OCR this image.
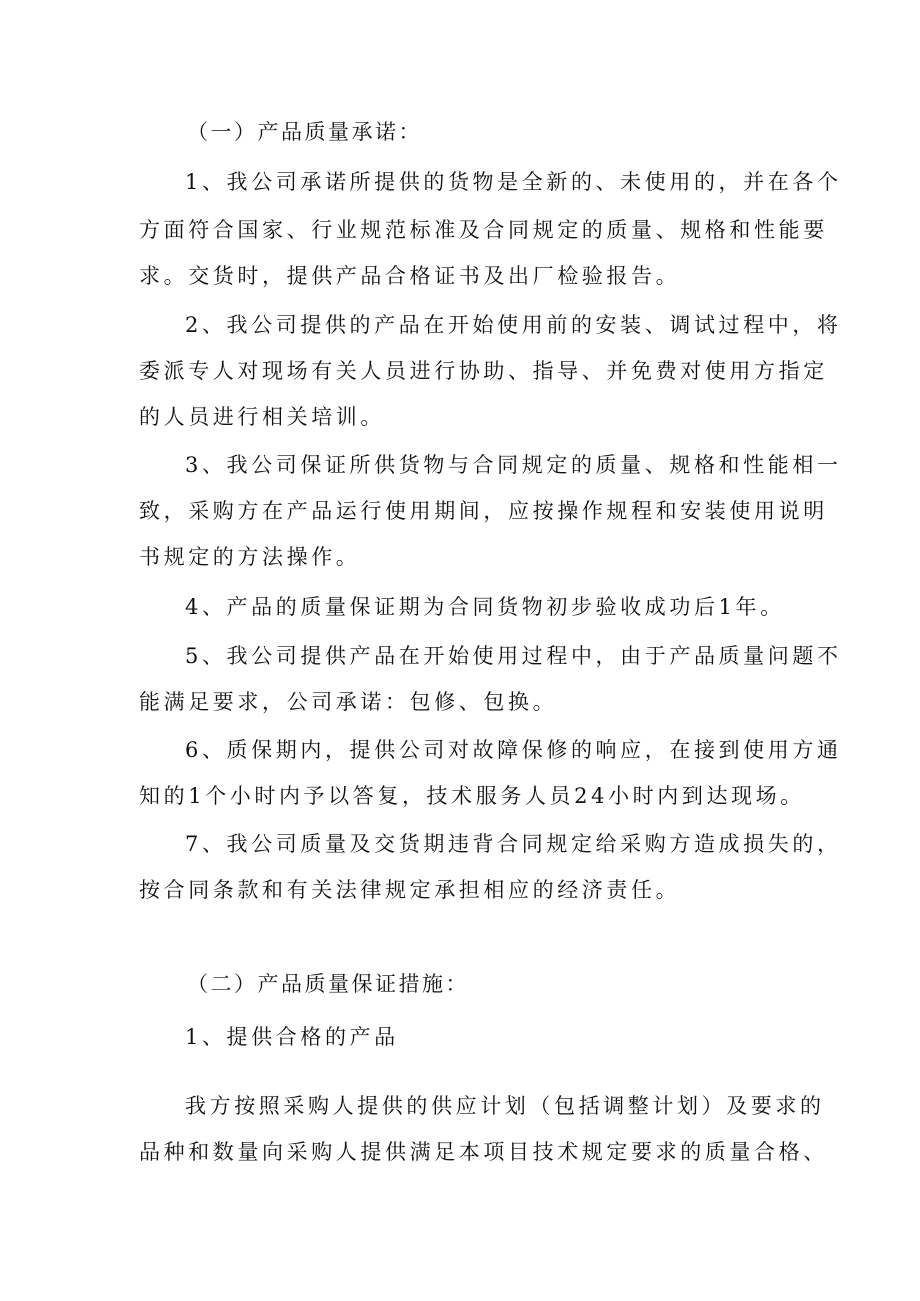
（一）产品质量承诺：
1、我公司承诺所提供的货物是全新的、未使用的，并在各个
方面符合国家、行业规范标准及合同规定的质量、规格和性能要
求。交货时，提供产品合格证书及出厂检验报告。
2、我公司提供的产品在开始使用前的安装、调试过程中，将
委派专人对现场有关人员进行协助、指导、并免费对使用方指定
的人员进行相关培训。
3、我公司保证所供货物与合同规定的质量、规格和性能相一
致，采购方在产品运行使用期间，应按操作规程和安装使用说明
书规定的方法操作。
4、产品的质量保证期为合同货物初步验收成功后1年。
5、我公司提供产品在开始使用过程中，由于产品质量问题不
能满足要求，公司承诺：包修、包换。
6、质保期内，提供公司对故障保修的响应，在接到使用方通
知的1个小时内予以答复，技术服务人员24小时内到达现场。
7、我公司质量及交货期违背合同规定给采购方造成损失的，
按合同条款和有关法律规定承担相应的经济责任。
（二）产品质量保证措施：
1、提供合格的产品
我方按照采购人提供的供应计划（包括调整计划）及要求的
品种和数量向采购人提供满足本项目技术规定要求的质量合格、
